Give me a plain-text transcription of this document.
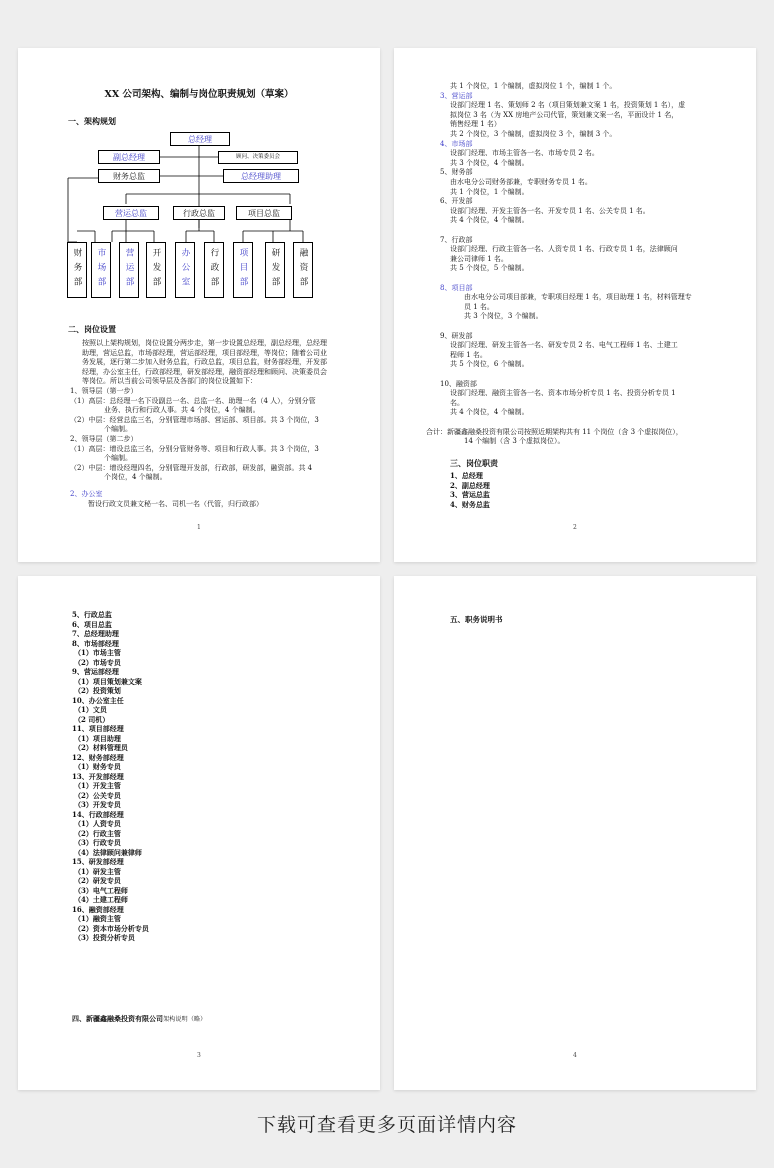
XX 公司架构、编制与岗位职责规划（草案）
一、架构规划
总经理
副总经理	顾问、决策委员会
财务总监	总经理助理
营运总监	行政总监	项目总监
财务部 市场部 营运部 开发部 办公室 行政部 项目部	研发部 融资部
二、岗位设置
按照以上架构规划，岗位设置分两步走，第一步设置总经理，副总经理，总经理助理，营运总监，市场部经理，营运部经理，项目部经理，等岗位；随着公司业务发展，逐行第二步加入财务总监，行政总监，项目总监，财务部经理，开发部经理，办公室主任，行政部经理，研发部经理，融资部经理和顾问、决策委员会等岗位。所以当前公司领导层及各部门的岗位设置如下：
1、领导层（第一步）
（1）高层：总经理一名下设副总一名、总监一名、助理一名（4 人），分别分管
业务、执行和行政人事。共 4 个岗位，4 个编制。
（2）中层：经营总监三名，分别管理市场部、营运部、项目部。共 3 个岗位，3
个编制。
2、领导层（第二步）
（1）高层：增设总监三名，分别分管财务等、项目和行政人事。共 3 个岗位，3
个编制。
（2）中层：增设经理四名，分别管理开发部，行政部，研发部，融资部。共 4
个岗位，4 个编制。
2、办公室
暂设行政文员兼文秘一名、司机一名（代管，归行政部）
1
共 1 个岗位，1 个编制，虚拟岗位 1 个，编制 1 个。
3、营运部
设部门经理 1 名、策划师 2 名（项目策划兼文案 1 名，投资策划 1 名），虚
拟岗位 3 名（为 XX 房地产公司代管，策划兼文案一名，平面设计 1 名，
销售经理 1 名）
共 2 个岗位，3 个编制，虚拟岗位 3 个，编制 3 个。
4、市场部
设部门经理、市场主管各一名、市场专员 2 名。
共 3 个岗位，4 个编制。
5、财务部
由水电分公司财务部兼，专职财务专员 1 名。
共 1 个岗位，1 个编制。
6、开发部
设部门经理、开发主管各一名、开发专员 1 名、公关专员 1 名。
共 4 个岗位，4 个编制。
7、行政部
设部门经理、行政主管各一名、人资专员 1 名、行政专员 1 名，法律顾问
兼公司律师 1 名。
共 5 个岗位，5 个编制。
8、项目部
由水电分公司项目部兼，专职项目经理 1 名，项目助理 1 名，材料管理专
员 1 名。
共 3 个岗位，3 个编制。
9、研发部
设部门经理、研发主管各一名、研发专员 2 名、电气工程师 1 名、土建工
程师 1 名。
共 5 个岗位，6 个编制。
10、融资部
设部门经理、融资主管各一名、资本市场分析专员 1 名、投资分析专员 1
名。
共 4 个岗位，4 个编制。
合计：新疆鑫融桑投资有限公司按照近期架构共有 11 个岗位（含 3 个虚拟岗位），
14 个编制（含 3 个虚拟岗位）。
三、岗位职责
1、总经理
2、副总经理
3、营运总监
4、财务总监
2
5、行政总监
6、项目总监
7、总经理助理
8、市场部经理
（1）市场主管
（2）市场专员
9、营运部经理
（1）项目策划兼文案
（2）投资策划
10、办公室主任
（1）文员
（2 司机）
11、项目部经理
（1）项目助理
（2）材料管理员
12、财务部经理
（1）财务专员
13、开发部经理
（1）开发主管
（2）公关专员
（3）开发专员
14、行政部经理
（1）人资专员
（2）行政主管
（3）行政专员
（4）法律顾问兼律师
15、研发部经理
（1）研发主管
（2）研发专员
（3）电气工程师
（4）土建工程师
16、融资部经理
（1）融资主管
（2）资本市场分析专员
（3）投资分析专员
四、新疆鑫融桑投资有限公司架构说明（略）
3
五、职务说明书
4
下载可查看更多页面详情内容
